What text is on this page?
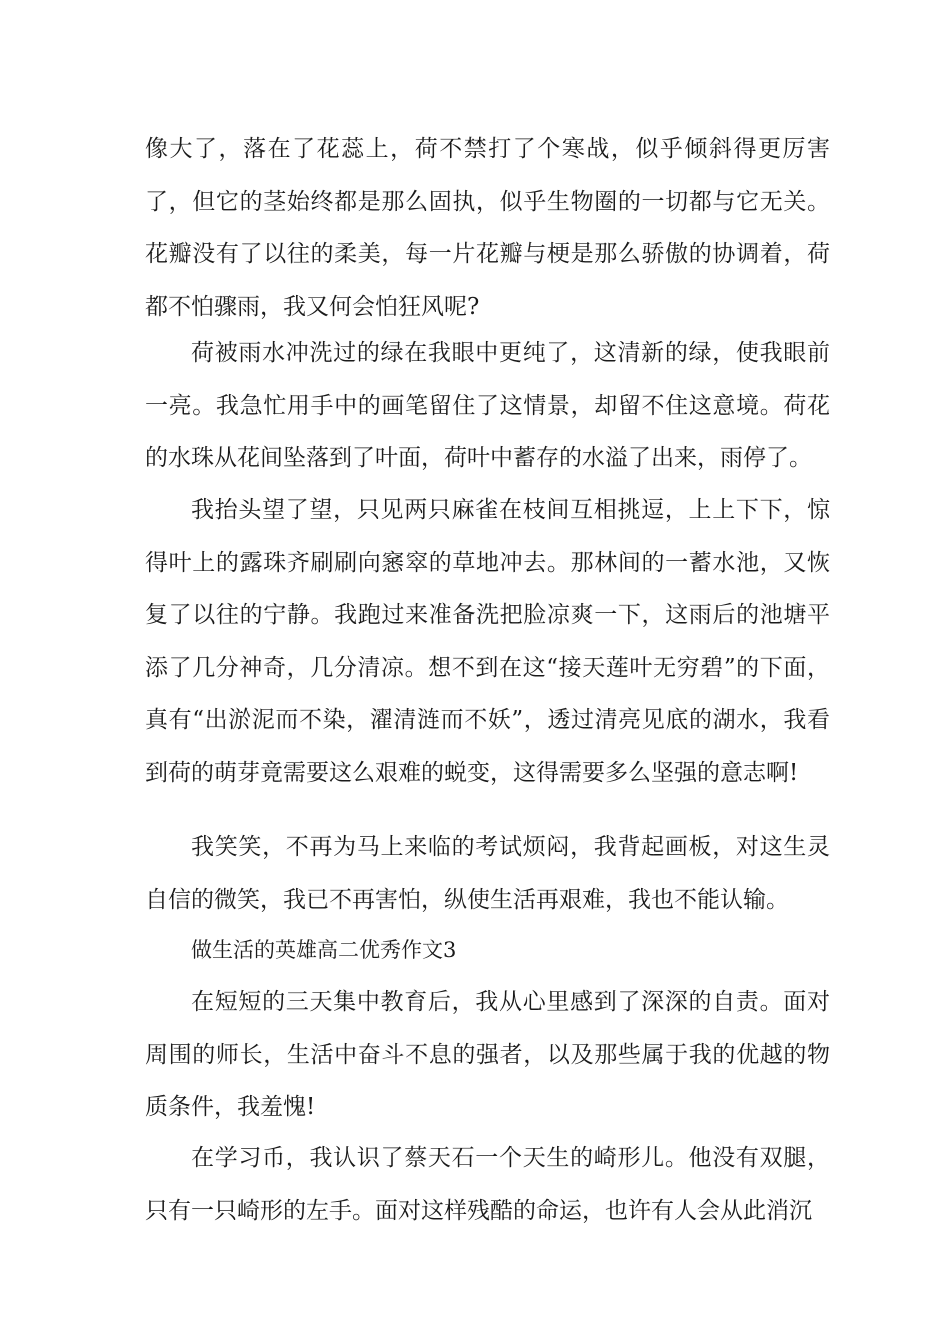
像大了，落在了花蕊上，荷不禁打了个寒战，似乎倾斜得更厉害了，但它的茎始终都是那么固执，似乎生物圈的一切都与它无关。花瓣没有了以往的柔美，每一片花瓣与梗是那么骄傲的协调着，荷都不怕骤雨，我又何会怕狂风呢?

荷被雨水冲洗过的绿在我眼中更纯了，这清新的绿，使我眼前一亮。我急忙用手中的画笔留住了这情景，却留不住这意境。荷花的水珠从花间坠落到了叶面，荷叶中蓄存的水溢了出来，雨停了。

我抬头望了望，只见两只麻雀在枝间互相挑逗，上上下下，惊得叶上的露珠齐刷刷向窸窣的草地冲去。那林间的一蓄水池，又恢复了以往的宁静。我跑过来准备洗把脸凉爽一下，这雨后的池塘平添了几分神奇，几分清凉。想不到在这“接天莲叶无穷碧”的下面，真有“出淤泥而不染，濯清涟而不妖”，透过清亮见底的湖水，我看到荷的萌芽竟需要这么艰难的蜕变，这得需要多么坚强的意志啊!

我笑笑，不再为马上来临的考试烦闷，我背起画板，对这生灵自信的微笑，我已不再害怕，纵使生活再艰难，我也不能认输。

做生活的英雄高二优秀作文3

在短短的三天集中教育后，我从心里感到了深深的自责。面对周围的师长，生活中奋斗不息的强者，以及那些属于我的优越的物质条件，我羞愧!

在学习币，我认识了蔡天石一个天生的崎形儿。他没有双腿，只有一只崎形的左手。面对这样残酷的命运，也许有人会从此消沉
